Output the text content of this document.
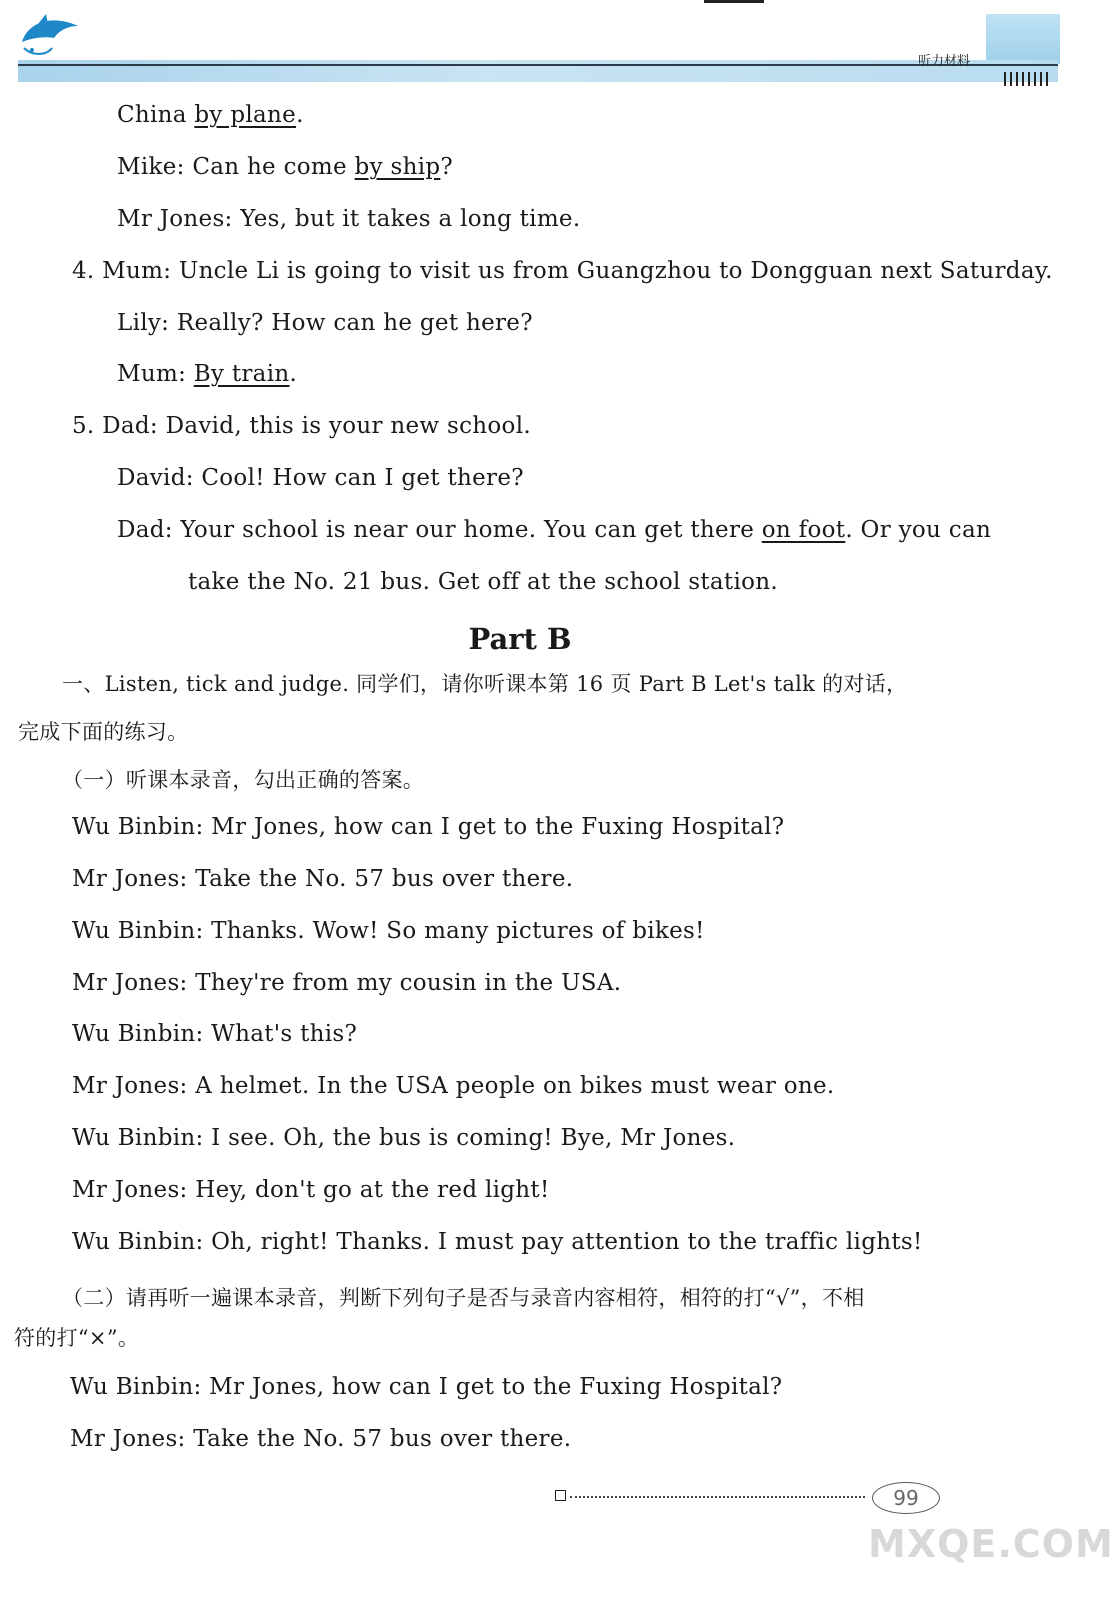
听力材料
China by plane.
Mike: Can he come by ship?
Mr Jones: Yes, but it takes a long time.
4. Mum: Uncle Li is going to visit us from Guangzhou to Dongguan next Saturday.
Lily: Really? How can he get here?
Mum: By train.
5. Dad: David, this is your new school.
David: Cool! How can I get there?
Dad: Your school is near our home. You can get there on foot. Or you can
take the No. 21 bus. Get off at the school station.
Part B
一、Listen, tick and judge. 同学们，请你听课本第 16 页 Part B Let's talk 的对话，
完成下面的练习。
（一）听课本录音，勾出正确的答案。
Wu Binbin: Mr Jones, how can I get to the Fuxing Hospital?
Mr Jones: Take the No. 57 bus over there.
Wu Binbin: Thanks. Wow! So many pictures of bikes!
Mr Jones: They're from my cousin in the USA.
Wu Binbin: What's this?
Mr Jones: A helmet. In the USA people on bikes must wear one.
Wu Binbin: I see. Oh, the bus is coming! Bye, Mr Jones.
Mr Jones: Hey, don't go at the red light!
Wu Binbin: Oh, right! Thanks. I must pay attention to the traffic lights!
（二）请再听一遍课本录音，判断下列句子是否与录音内容相符，相符的打“√”，不相
符的打“×”。
Wu Binbin: Mr Jones, how can I get to the Fuxing Hospital?
Mr Jones: Take the No. 57 bus over there.
99
MXQE.COM
